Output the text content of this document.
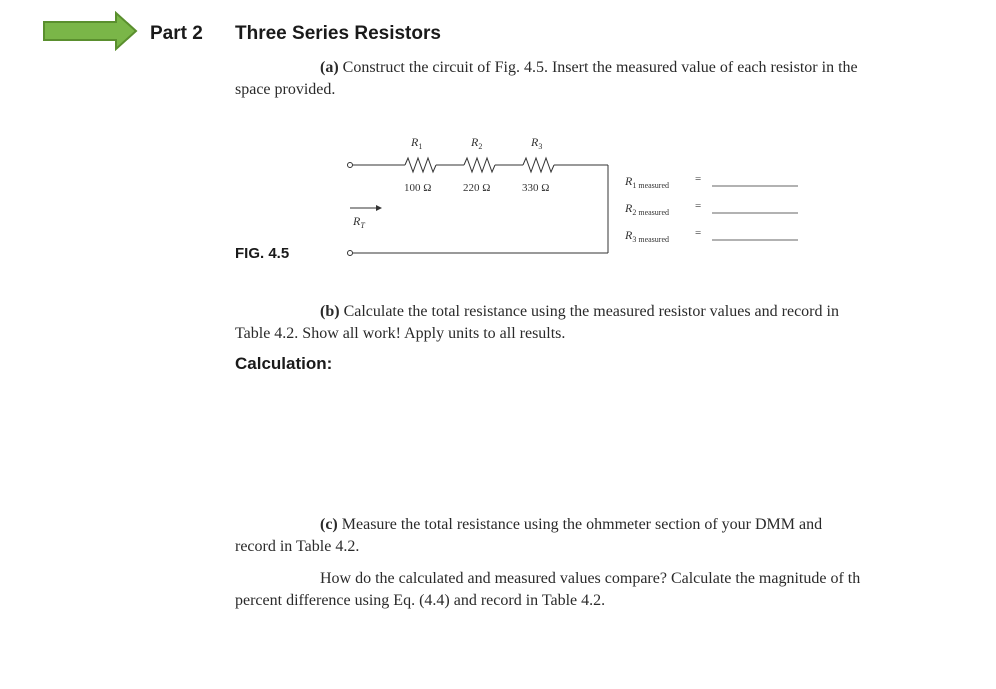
Part 2 Three Series Resistors
(a) Construct the circuit of Fig. 4.5. Insert the measured value of each resistor in the
space provided.
$R_1$	$R_2$	$R_3$
100 Ω	220 Ω	330 Ω
$R_T$
$R_{1 measured}$
=
$R_{2 measured}$
=
$R_{3 measured}$
=
FIG. 4.5
(b) Calculate the total resistance using the measured resistor values and record in
Table 4.2. Show all work! Apply units to all results.
Calculation:
(c) Measure the total resistance using the ohmmeter section of your DMM and
record in Table 4.2.
How do the calculated and measured values compare? Calculate the magnitude of th
percent difference using Eq. (4.4) and record in Table 4.2.
